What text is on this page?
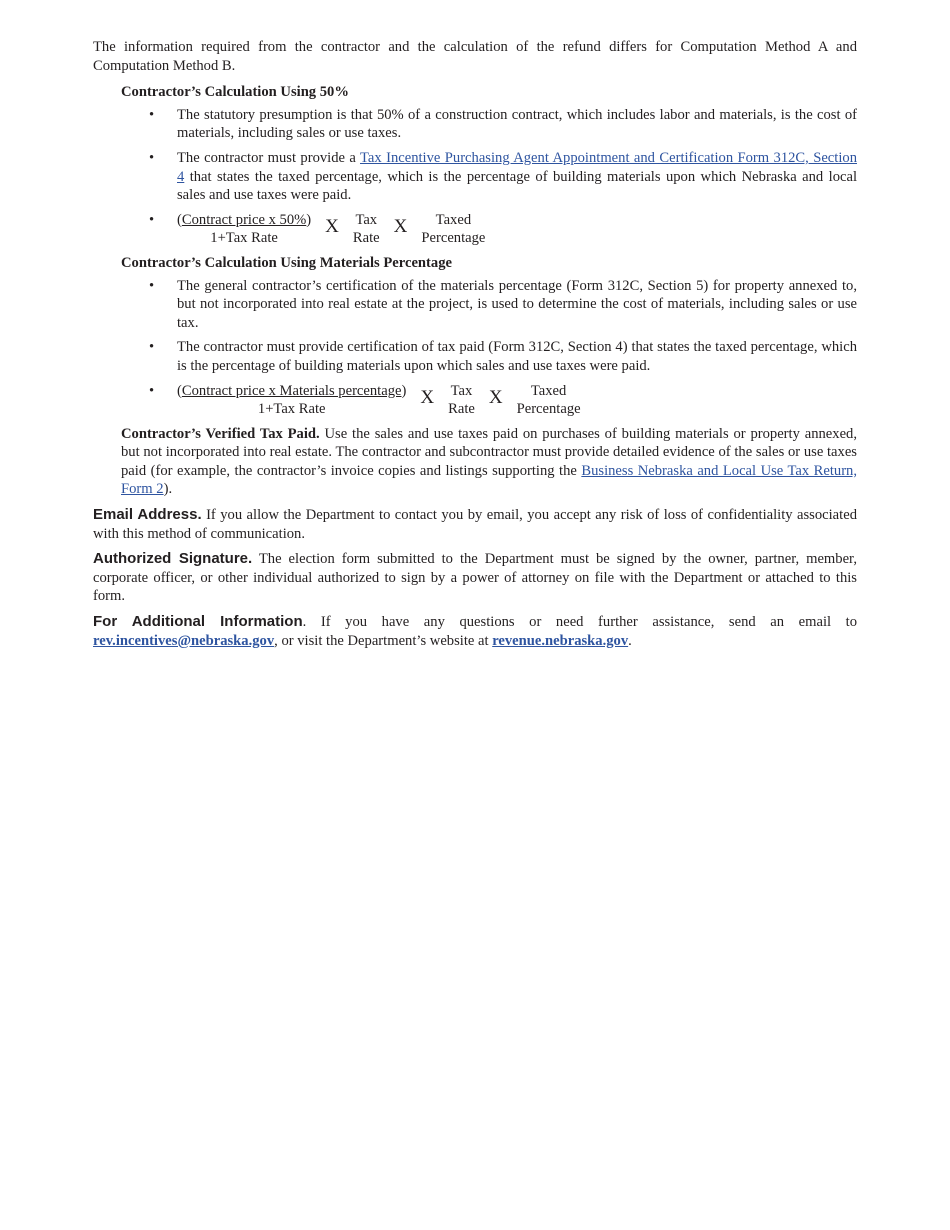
The information required from the contractor and the calculation of the refund differs for Computation Method A and Computation Method B.

Contractor’s Calculation Using 50%
• The statutory presumption is that 50% of a construction contract, which includes labor and materials, is the cost of materials, including sales or use taxes.
• The contractor must provide a Tax Incentive Purchasing Agent Appointment and Certification Form 312C, Section 4 that states the taxed percentage, which is the percentage of building materials upon which Nebraska and local sales and use taxes were paid.
• (Contract price x 50%)
1+Tax Rate
X Tax
Rate
X Taxed
Percentage
Contractor’s Calculation Using Materials Percentage
• The general contractor’s certification of the materials percentage (Form 312C, Section 5) for property annexed to, but not incorporated into real estate at the project, is used to determine the cost of materials, including sales or use tax.
• The contractor must provide certification of tax paid (Form 312C, Section 4) that states the taxed percentage, which is the percentage of building materials upon which sales and use taxes were paid.
• (Contract price x Materials percentage)
1+Tax Rate
X Tax
Rate
X Taxed
Percentage

Contractor’s Verified Tax Paid. Use the sales and use taxes paid on purchases of building materials or property annexed, but not incorporated into real estate. The contractor and subcontractor must provide detailed evidence of the sales or use taxes paid (for example, the contractor’s invoice copies and listings supporting the Business Nebraska and Local Use Tax Return, Form 2).

Email Address. If you allow the Department to contact you by email, you accept any risk of loss of confidentiality associated with this method of communication.

Authorized Signature. The election form submitted to the Department must be signed by the owner, partner, member, corporate officer, or other individual authorized to sign by a power of attorney on file with the Department or attached to this form.

For Additional Information. If you have any questions or need further assistance, send an email to rev.incentives@nebraska.gov, or visit the Department’s website at revenue.nebraska.gov.
